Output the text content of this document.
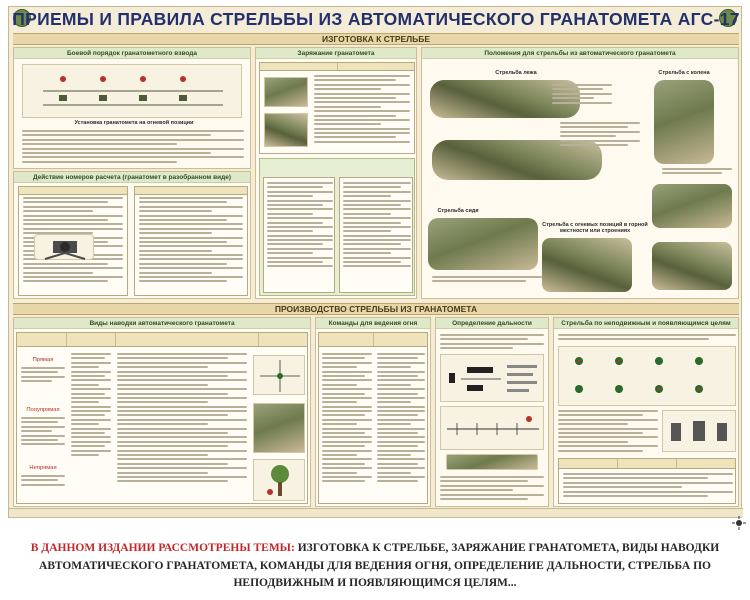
ПРИЕМЫ И ПРАВИЛА СТРЕЛЬБЫ ИЗ АВТОМАТИЧЕСКОГО ГРАНАТОМЕТА АГС-17
ИЗГОТОВКА К СТРЕЛЬБЕ
Боевой порядок гранатометного взвода
Установка гранатомета на огневой позиции
Действие номеров расчета (гранатомет в разобранном виде)

Заряжание гранатомета

	Положения для стрельбы из автоматического гранатомета
Стрельба лежа	Стрельба с колена
Стрельба сидя
Стрельба с огневых позиций в горной местности или строениях
ПРОИЗВОДСТВО СТРЕЛЬБЫ ИЗ ГРАНАТОМЕТА
Виды наводки автоматического гранатомета

Прямая
Полупрямая
Непрямая
Команды для ведения огня

	Определение дальности	Стрельба по неподвижным и появляющимся целям

В ДАННОМ ИЗДАНИИ РАССМОТРЕНЫ ТЕМЫ: ИЗГОТОВКА К СТРЕЛЬБЕ, ЗАРЯЖАНИЕ ГРАНАТОМЕТА, ВИДЫ НАВОДКИ АВТОМАТИЧЕСКОГО ГРАНАТОМЕТА, КОМАНДЫ ДЛЯ ВЕДЕНИЯ ОГНЯ, ОПРЕДЕЛЕНИЕ ДАЛЬНОСТИ, СТРЕЛЬБА ПО НЕПОДВИЖНЫМ И ПОЯВЛЯЮЩИМСЯ ЦЕЛЯМ...
